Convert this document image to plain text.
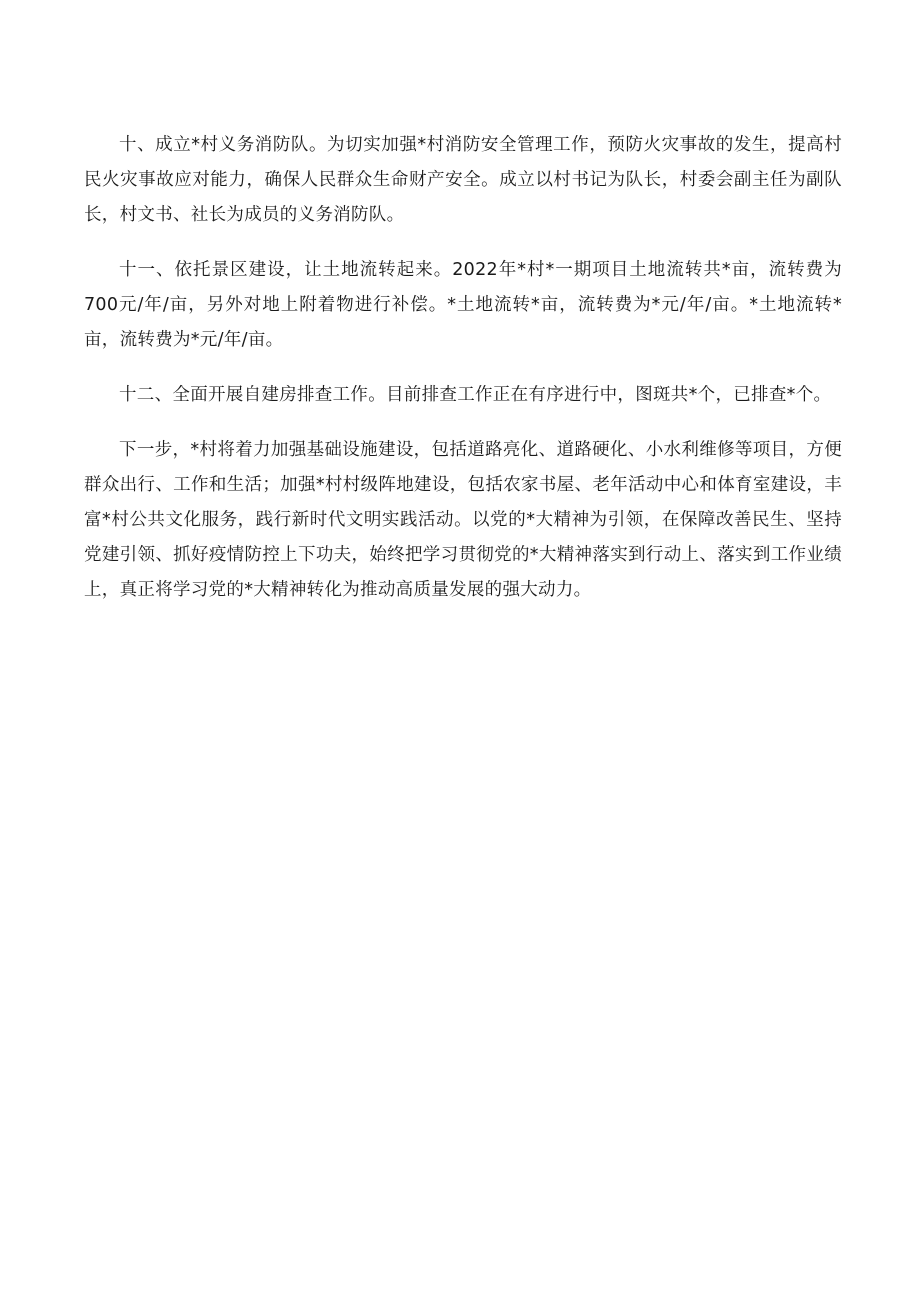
十、成立*村义务消防队。为切实加强*村消防安全管理工作，预防火灾事故的发生，提高村民火灾事故应对能力，确保人民群众生命财产安全。成立以村书记为队长，村委会副主任为副队长，村文书、社长为成员的义务消防队。

十一、依托景区建设，让土地流转起来。2022年*村*一期项目土地流转共*亩，流转费为700元/年/亩，另外对地上附着物进行补偿。*土地流转*亩，流转费为*元/年/亩。*土地流转*亩，流转费为*元/年/亩。

十二、全面开展自建房排查工作。目前排查工作正在有序进行中，图斑共*个，已排查*个。

下一步，*村将着力加强基础设施建设，包括道路亮化、道路硬化、小水利维修等项目，方便群众出行、工作和生活；加强*村村级阵地建设，包括农家书屋、老年活动中心和体育室建设，丰富*村公共文化服务，践行新时代文明实践活动。以党的*大精神为引领，在保障改善民生、坚持党建引领、抓好疫情防控上下功夫，始终把学习贯彻党的*大精神落实到行动上、落实到工作业绩上，真正将学习党的*大精神转化为推动高质量发展的强大动力。
